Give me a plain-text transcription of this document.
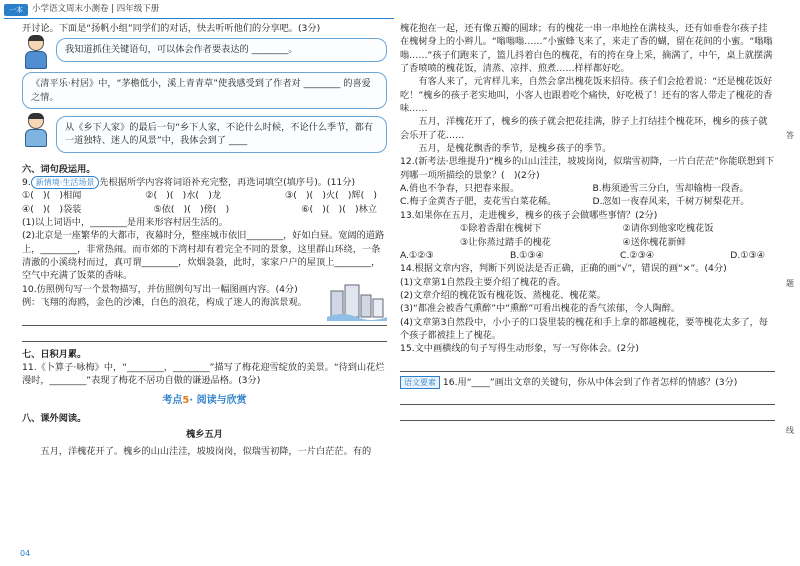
一本	小学语文周末小测卷 | 四年级下册
开讨论。下面是“扬帆小组”同学们的对话，快去听听他们的分享吧。(3分)
我知道抓住关键语句，可以体会作者要表达的 ________。
《清平乐·村居》中，“茅檐低小，溪上青青草”使我感受到了作者对 ________ 的喜爱之情。
从《乡下人家》的最后一句“乡下人家，不论什么时候，不论什么季节，都有一道独特、迷人的风景”中，我体会到了 ____
六、词句段运用。
9. 新情境·生活场景 先根据所学内容将词语补充完整，再选词填空(填序号)。(11分)
①(　)(　)相闻	②(　)(　)水(　)龙	③(　)(　)火(　)辉(　)
④(　)(　)袋装	⑤依(　)(　)傍(　)	⑥(　)(　)(　)林立
(1)以上词语中，________是用来形容村居生活的。
(2)北京是一座繁华的大都市，夜幕时分，整座城市依旧________，好如白昼。宽阔的道路上，________，非常热闹。而市郊的下湾村却有着完全不同的景象，这里群山环绕，一条清澈的小溪绕村而过，真可谓________，炊烟袅袅，此时，家家户户的屋顶上________，空气中充满了饭菜的香味。
10.仿照例句写一个景物描写，并仿照例句写出一幅图画内容。(4分)
例：飞翔的海鸥，金色的沙滩，白色的浪花，构成了迷人的海滨景观。
七、日积月累。
11.《卜算子·咏梅》中，“________，________”描写了梅花迎雪绽放的美景。“待到山花烂漫时，________”表现了梅花不居功自傲的谦逊品格。(3分)
考点5· 阅读与欣赏
八、课外阅读。
槐乡五月
五月，洋槐花开了。槐乡的山山洼洼，坡坡岗岗，似瑞雪初降，一片白茫茫。有的
槐花抱在一起，还有像五瓣的圆球；有的槐花一串一串地拴在满枝头，还有如垂卷尔孩子挂在槐树身上的小辫儿。“嗡嗡嗡……”小蜜蜂飞来了，来走了香的蝴，留在花间的小蜜。“嗡嗡嗡……”孩子们跑来了，篮儿抖着白色的槐花，有的挎在身上采，摘满了，中午，桌上就摆满了香喷喷的槐花饭，清蒸、凉拌、煎煮……样样都好吃。
有客人来了，元宵样儿来，自然会拿出槐花饭来招待。孩子们会抢着说：“还是槐花饭好吃！”槐乡的孩子老实地叫，小客人也跟着吃个痛快，好吃极了！还有的客人带走了槐花的香味……
五月，洋槐花开了，槐乡的孩子就会把花挂满，脖子上打结挂个槐花环，槐乡的孩子就会乐开了花……
五月，是槐花飘香的季节，是槐乡孩子的季节。
12.(新考法·思维提升)“槐乡的山山洼洼，坡坡岗岗，似瑞雪初降，一片白茫茫”你能联想到下列哪一项所描绘的景象？(　)(2分)
A.俏也不争春，只把春来报。	B.梅须逊雪三分白，雪却输梅一段香。
C.梅子金黄杏子肥，麦花雪白菜花稀。	D.忽如一夜春风来，千树万树梨花开。
13.如果你在五月，走进槐乡，槐乡的孩子会做哪些事情？(2分)
①除着香甜在槐树下	②请你到他家吃槐花饭
③让你蒸过踏手的槐花	④送你槐花新鲜
A.①②③	B.①③④	C.②③④	D.①③④
14.根据文章内容，判断下列说法是否正确，正确的画“√”，错误的画“×”。(4分)
(1)文章第1自然段主要介绍了槐花的香。
(2)文章介绍的槐花饭有槐花饭、蒸槐花、槐花菜。
(3)“都准会被香气熏醉”中“熏醉”可看出槐花的香气浓郁，令人陶醉。
(4)文章第3自然段中，小小子的口袋里装的槐花和手上拿的都越槐花，要等槐花太多了，每个孩子都被挂上了槐花。
15.文中画横线的句子写得生动形象，写一写你体会。(2分)
语文要素 16.用“____”画出文章的关键句，你从中体会到了作者怎样的情感？(3分)
答
题
线
04
